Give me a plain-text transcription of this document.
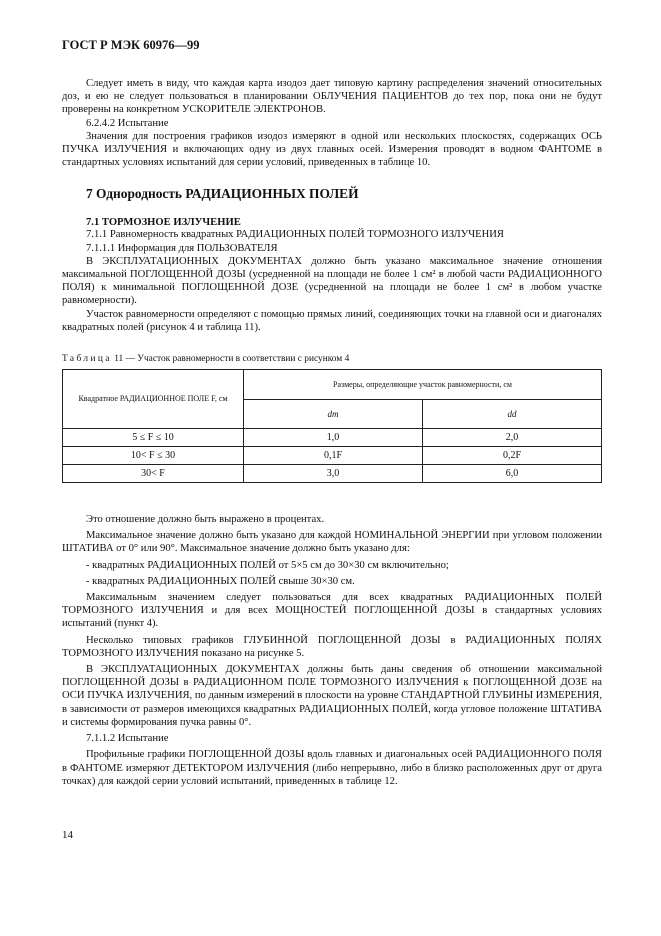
ГОСТ Р МЭК 60976—99

Следует иметь в виду, что каждая карта изодоз дает типовую картину распределения значений относительных доз, и ею не следует пользоваться в планировании ОБЛУЧЕНИЯ ПАЦИЕНТОВ до тех пор, пока они не будут проверены на конкретном УСКОРИТЕЛЕ ЭЛЕКТРОНОВ.

6.2.4.2 Испытание

Значения для построения графиков изодоз измеряют в одной или нескольких плоскостях, содержащих ОСЬ ПУЧКА ИЗЛУЧЕНИЯ и включающих одну из двух главных осей. Измерения проводят в водном ФАНТОМЕ в стандартных условиях испытаний для серии условий, приведенных в таблице 10.

7 Однородность РАДИАЦИОННЫХ ПОЛЕЙ
7.1 ТОРМОЗНОЕ ИЗЛУЧЕНИЕ

7.1.1 Равномерность квадратных РАДИАЦИОННЫХ ПОЛЕЙ ТОРМОЗНОГО ИЗЛУЧЕНИЯ

7.1.1.1 Информация для ПОЛЬЗОВАТЕЛЯ

В ЭКСПЛУАТАЦИОННЫХ ДОКУМЕНТАХ должно быть указано максимальное значение отношения максимальной ПОГЛОЩЕННОЙ ДОЗЫ (усредненной на площади не более 1 см² в любой части РАДИАЦИОННОГО ПОЛЯ) к минимальной ПОГЛОЩЕННОЙ ДОЗЕ (усредненной на площади не более 1 см² в любом участке равномерности).

Участок равномерности определяют с помощью прямых линий, соединяющих точки на главной оси и диагоналях квадратных полей (рисунок 4 и таблица 11).

Таблица 11 — Участок равномерности в соответствии с рисунком 4
Квадратное РАДИАЦИОННОЕ ПОЛЕ F, см	Размеры, определяющие участок равномерности, см	
	dm	dd
5 ≤ F ≤ 10	1,0	2,0
10< F ≤ 30	0,1F	0,2F
30< F	3,0	6,0

Это отношение должно быть выражено в процентах.

Максимальное значение должно быть указано для каждой НОМИНАЛЬНОЙ ЭНЕРГИИ при угловом положении ШТАТИВА от 0° или 90°. Максимальное значение должно быть указано для:

- квадратных РАДИАЦИОННЫХ ПОЛЕЙ от 5×5 см до 30×30 см включительно;

- квадратных РАДИАЦИОННЫХ ПОЛЕЙ свыше 30×30 см.

Максимальным значением следует пользоваться для всех квадратных РАДИАЦИОННЫХ ПОЛЕЙ ТОРМОЗНОГО ИЗЛУЧЕНИЯ и для всех МОЩНОСТЕЙ ПОГЛОЩЕННОЙ ДОЗЫ в стандартных условиях испытаний (пункт 4).

Несколько типовых графиков ГЛУБИННОЙ ПОГЛОЩЕННОЙ ДОЗЫ в РАДИАЦИОННЫХ ПОЛЯХ ТОРМОЗНОГО ИЗЛУЧЕНИЯ показано на рисунке 5.

В ЭКСПЛУАТАЦИОННЫХ ДОКУМЕНТАХ должны быть даны сведения об отношении максимальной ПОГЛОЩЕННОЙ ДОЗЫ в РАДИАЦИОННОМ ПОЛЕ ТОРМОЗНОГО ИЗЛУЧЕНИЯ к ПОГЛОЩЕННОЙ ДОЗЕ на ОСИ ПУЧКА ИЗЛУЧЕНИЯ, по данным измерений в плоскости на уровне СТАНДАРТНОЙ ГЛУБИНЫ ИЗМЕРЕНИЯ, в зависимости от размеров имеющихся квадратных РАДИАЦИОННЫХ ПОЛЕЙ, когда угловое положение ШТАТИВА и системы формирования пучка равны 0°.

7.1.1.2 Испытание

Профильные графики ПОГЛОЩЕННОЙ ДОЗЫ вдоль главных и диагональных осей РАДИАЦИОННОГО ПОЛЯ в ФАНТОМЕ измеряют ДЕТЕКТОРОМ ИЗЛУЧЕНИЯ (либо непрерывно, либо в близко расположенных друг от друга точках) для каждой серии условий испытаний, приведенных в таблице 12.

14
